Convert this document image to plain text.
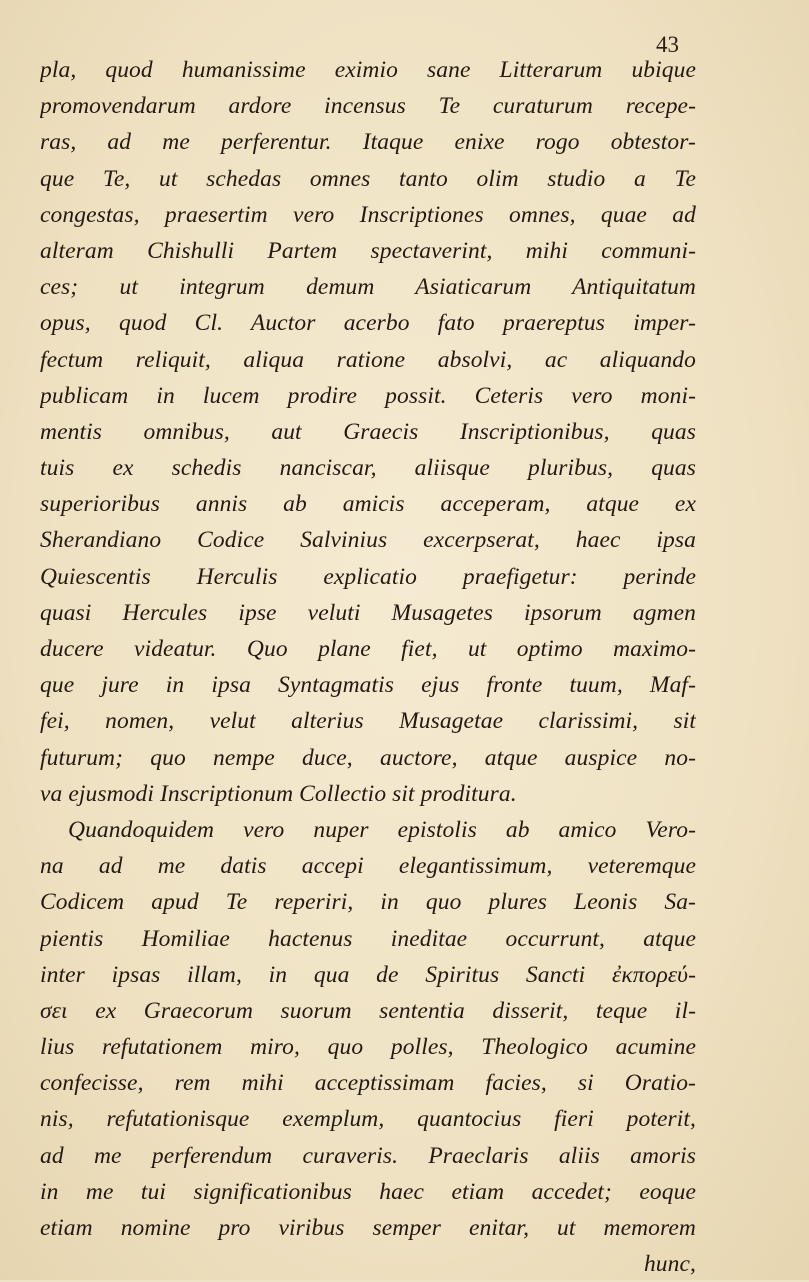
43
pla, quod humanissime eximio sane Litterarum ubique
promovendarum ardore incensus Te curaturum recepe-
ras, ad me perferentur. Itaque enixe rogo obtestor-
que Te, ut schedas omnes tanto olim studio a Te
congestas, praesertim vero Inscriptiones omnes, quae ad
alteram Chishulli Partem spectaverint, mihi communi-
ces; ut integrum demum Asiaticarum Antiquitatum
opus, quod Cl. Auctor acerbo fato praereptus imper-
fectum reliquit, aliqua ratione absolvi, ac aliquando
publicam in lucem prodire possit. Ceteris vero moni-
mentis omnibus, aut Graecis Inscriptionibus, quas
tuis ex schedis nanciscar, aliisque pluribus, quas
superioribus annis ab amicis acceperam, atque ex
Sherandiano Codice Salvinius excerpserat, haec ipsa
Quiescentis Herculis explicatio praefigetur: perinde
quasi Hercules ipse veluti Musagetes ipsorum agmen
ducere videatur. Quo plane fiet, ut optimo maximo-
que jure in ipsa Syntagmatis ejus fronte tuum, Maf-
fei, nomen, velut alterius Musagetae clarissimi, sit
futurum; quo nempe duce, auctore, atque auspice no-
va ejusmodi Inscriptionum Collectio sit proditura.
Quandoquidem vero nuper epistolis ab amico Vero-
na ad me datis accepi elegantissimum, veteremque
Codicem apud Te reperiri, in quo plures Leonis Sa-
pientis Homiliae hactenus ineditae occurrunt, atque
inter ipsas illam, in qua de Spiritus Sancti ἐκπορεύ-
σει ex Graecorum suorum sententia disserit, teque il-
lius refutationem miro, quo polles, Theologico acumine
confecisse, rem mihi acceptissimam facies, si Oratio-
nis, refutationisque exemplum, quantocius fieri poterit,
ad me perferendum curaveris. Praeclaris aliis amoris
in me tui significationibus haec etiam accedet; eoque
etiam nomine pro viribus semper enitar, ut memorem
hunc,
